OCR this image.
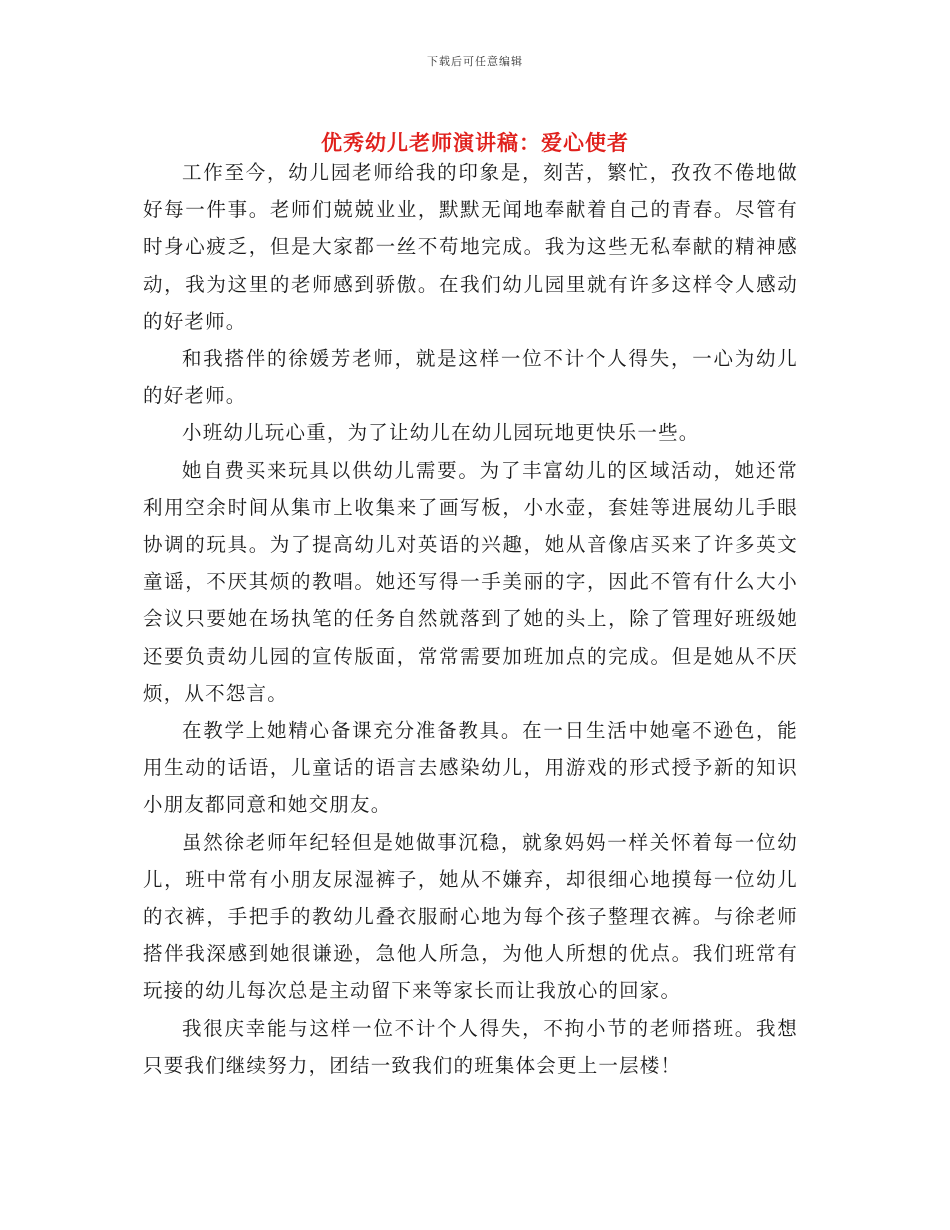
下载后可任意编辑
优秀幼儿老师演讲稿：爱心使者

工作至今，幼儿园老师给我的印象是，刻苦，繁忙，孜孜不倦地做好每一件事。老师们兢兢业业，默默无闻地奉献着自己的青春。尽管有时身心疲乏，但是大家都一丝不苟地完成。我为这些无私奉献的精神感动，我为这里的老师感到骄傲。在我们幼儿园里就有许多这样令人感动的好老师。

和我搭伴的徐媛芳老师，就是这样一位不计个人得失，一心为幼儿的好老师。

小班幼儿玩心重，为了让幼儿在幼儿园玩地更快乐一些。

她自费买来玩具以供幼儿需要。为了丰富幼儿的区域活动，她还常利用空余时间从集市上收集来了画写板，小水壶，套娃等进展幼儿手眼协调的玩具。为了提高幼儿对英语的兴趣，她从音像店买来了许多英文童谣，不厌其烦的教唱。她还写得一手美丽的字，因此不管有什么大小会议只要她在场执笔的任务自然就落到了她的头上，除了管理好班级她还要负责幼儿园的宣传版面，常常需要加班加点的完成。但是她从不厌烦，从不怨言。

在教学上她精心备课充分准备教具。在一日生活中她毫不逊色，能用生动的话语，儿童话的语言去感染幼儿，用游戏的形式授予新的知识小朋友都同意和她交朋友。

虽然徐老师年纪轻但是她做事沉稳，就象妈妈一样关怀着每一位幼儿，班中常有小朋友尿湿裤子，她从不嫌弃，却很细心地摸每一位幼儿的衣裤，手把手的教幼儿叠衣服耐心地为每个孩子整理衣裤。与徐老师搭伴我深感到她很谦逊，急他人所急，为他人所想的优点。我们班常有玩接的幼儿每次总是主动留下来等家长而让我放心的回家。

我很庆幸能与这样一位不计个人得失，不拘小节的老师搭班。我想只要我们继续努力，团结一致我们的班集体会更上一层楼！
